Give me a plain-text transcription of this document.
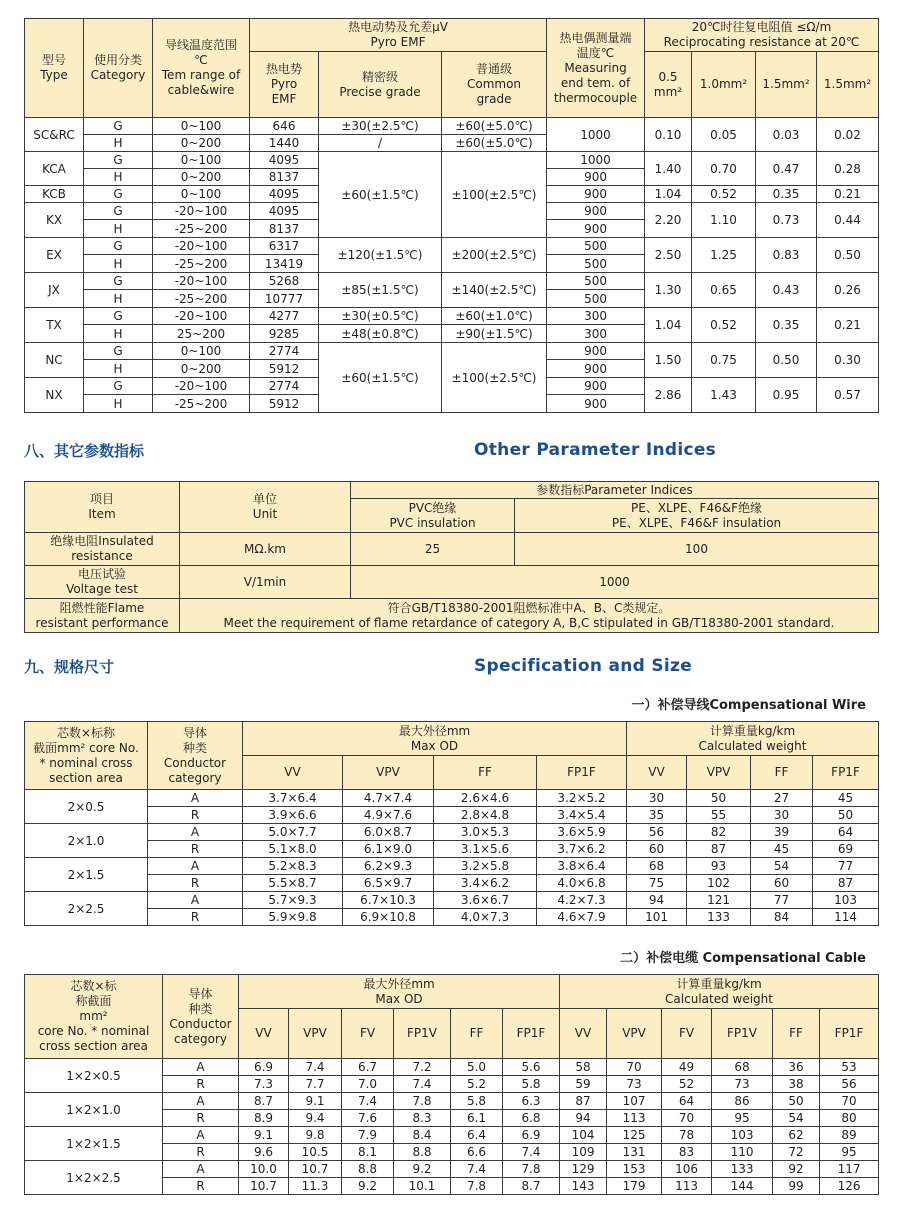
型号
Type	使用分类
Category	导线温度范围
℃
Tem range of
cable&wire	热电动势及允差μV
Pyro EMF			热电偶测量端
温度℃
Measuring
end tem. of
thermocouple	20℃时往复电阻值 ≤Ω/m
Reciprocating resistance at 20℃			
			热电势
Pyro
EMF	精密级
Precise grade	普通级
Common
grade		0.5
mm²	1.0mm²	1.5mm²	1.5mm²
SC&RC	G	0~100	646	±30(±2.5℃)	±60(±5.0℃)	1000	0.10	0.05	0.03	0.02
	H	0~200	1440	/	±60(±5.0℃)					
KCA	G	0~100	4095	±60(±1.5℃)	±100(±2.5℃)	1000	1.40	0.70	0.47	0.28
	H	0~200	8137			900				
KCB	G	0~100	4095			900	1.04	0.52	0.35	0.21
KX	G	-20~100	4095			900	2.20	1.10	0.73	0.44
	H	-25~200	8137			900				
EX	G	-20~100	6317	±120(±1.5℃)	±200(±2.5℃)	500	2.50	1.25	0.83	0.50
	H	-25~200	13419			500				
JX	G	-20~100	5268	±85(±1.5℃)	±140(±2.5℃)	500	1.30	0.65	0.43	0.26
	H	-25~200	10777			500				
TX	G	-20~100	4277	±30(±0.5℃)	±60(±1.0℃)	300	1.04	0.52	0.35	0.21
	H	25~200	9285	±48(±0.8℃)	±90(±1.5℃)	300				
NC	G	0~100	2774	±60(±1.5℃)	±100(±2.5℃)	900	1.50	0.75	0.50	0.30
	H	0~200	5912			900				
NX	G	-20~100	2774			900	2.86	1.43	0.95	0.57
	H	-25~200	5912			900				
八、其它参数指标	Other Parameter Indices
项目
Item	单位
Unit	参数指标Parameter Indices	
		PVC绝缘
PVC insulation	PE、XLPE、F46&F绝缘
PE、XLPE、F46&F insulation
绝缘电阻Insulated
resistance	MΩ.km	25	100
电压试验
Voltage test	V/1min	1000	
阻燃性能Flame
resistant performance	符合GB/T18380-2001阻燃标准中A、B、C类规定。
Meet the requirement of flame retardance of category A, B,C stipulated in GB/T18380-2001 standard.		
九、规格尺寸	Specification and Size
一）补偿导线Compensational Wire
芯数×标称
截面mm² core No.
* nominal cross
section area	导体
种类
Conductor
category	最大外径mm
Max OD				计算重量kg/km
Calculated weight			
		VV	VPV	FF	FP1F	VV	VPV	FF	FP1F
2×0.5	A	3.7×6.4	4.7×7.4	2.6×4.6	3.2×5.2	30	50	27	45
	R	3.9×6.6	4.9×7.6	2.8×4.8	3.4×5.4	35	55	30	50
2×1.0	A	5.0×7.7	6.0×8.7	3.0×5.3	3.6×5.9	56	82	39	64
	R	5.1×8.0	6.1×9.0	3.1×5.6	3.7×6.2	60	87	45	69
2×1.5	A	5.2×8.3	6.2×9.3	3.2×5.8	3.8×6.4	68	93	54	77
	R	5.5×8.7	6.5×9.7	3.4×6.2	4.0×6.8	75	102	60	87
2×2.5	A	5.7×9.3	6.7×10.3	3.6×6.7	4.2×7.3	94	121	77	103
	R	5.9×9.8	6.9×10.8	4.0×7.3	4.6×7.9	101	133	84	114
二）补偿电缆 Compensational Cable
芯数×标
称截面
mm²
core No. * nominal
cross section area	导体
种类
Conductor
category	最大外径mm
Max OD						计算重量kg/km
Calculated weight					
		VV	VPV	FV	FP1V	FF	FP1F	VV	VPV	FV	FP1V	FF	FP1F
1×2×0.5	A	6.9	7.4	6.7	7.2	5.0	5.6	58	70	49	68	36	53
	R	7.3	7.7	7.0	7.4	5.2	5.8	59	73	52	73	38	56
1×2×1.0	A	8.7	9.1	7.4	7.8	5.8	6.3	87	107	64	86	50	70
	R	8.9	9.4	7.6	8.3	6.1	6.8	94	113	70	95	54	80
1×2×1.5	A	9.1	9.8	7.9	8.4	6.4	6.9	104	125	78	103	62	89
	R	9.6	10.5	8.1	8.8	6.6	7.4	109	131	83	110	72	95
1×2×2.5	A	10.0	10.7	8.8	9.2	7.4	7.8	129	153	106	133	92	117
	R	10.7	11.3	9.2	10.1	7.8	8.7	143	179	113	144	99	126
